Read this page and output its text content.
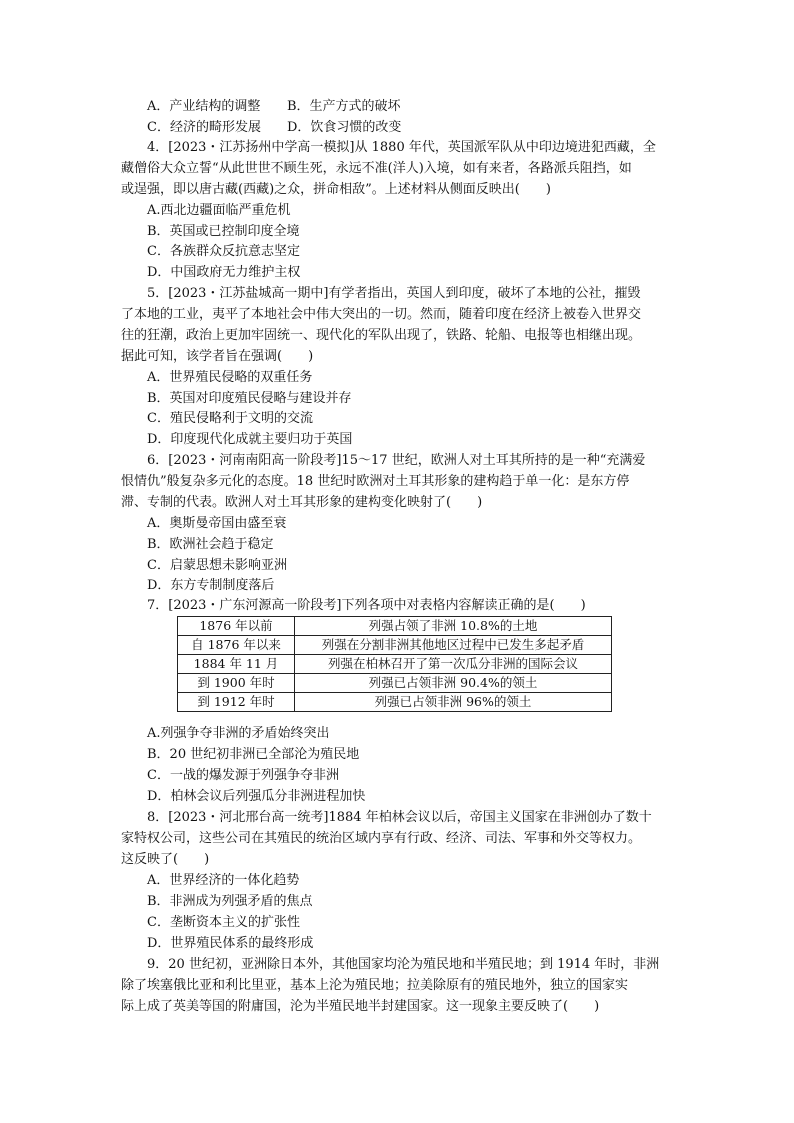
A．产业结构的调整 B．生产方式的破坏
C．经济的畸形发展 D．饮食习惯的改变
4．[2023・江苏扬州中学高一模拟]从 1880 年代，英国派军队从中印边境进犯西藏，全
藏僧俗大众立誓“从此世世不顾生死，永远不准(洋人)入境，如有来者，各路派兵阻挡，如
或逞强，即以唐古藏(西藏)之众，拼命相敌”。上述材料从侧面反映出(　　)
A.西北边疆面临严重危机
B．英国或已控制印度全境
C．各族群众反抗意志坚定
D．中国政府无力维护主权
5．[2023・江苏盐城高一期中]有学者指出，英国人到印度，破坏了本地的公社，摧毁
了本地的工业，夷平了本地社会中伟大突出的一切。然而，随着印度在经济上被卷入世界交
往的狂潮，政治上更加牢固统一、现代化的军队出现了，铁路、轮船、电报等也相继出现。
据此可知，该学者旨在强调(　　)
A．世界殖民侵略的双重任务
B．英国对印度殖民侵略与建设并存
C．殖民侵略利于文明的交流
D．印度现代化成就主要归功于英国
6．[2023・河南南阳高一阶段考]15～17 世纪，欧洲人对土耳其所持的是一种“充满爱
恨情仇”般复杂多元化的态度。18 世纪时欧洲对土耳其形象的建构趋于单一化：是东方停
滞、专制的代表。欧洲人对土耳其形象的建构变化映射了(　　)
A．奥斯曼帝国由盛至衰
B．欧洲社会趋于稳定
C．启蒙思想未影响亚洲
D．东方专制制度落后
7．[2023・广东河源高一阶段考]下列各项中对表格内容解读正确的是(　　)
1876 年以前	列强占领了非洲 10.8%的土地
自 1876 年以来	列强在分割非洲其他地区过程中已发生多起矛盾
1884 年 11 月	列强在柏林召开了第一次瓜分非洲的国际会议
到 1900 年时	列强已占领非洲 90.4%的领土
到 1912 年时	列强已占领非洲 96%的领土
A.列强争夺非洲的矛盾始终突出
B．20 世纪初非洲已全部沦为殖民地
C．一战的爆发源于列强争夺非洲
D．柏林会议后列强瓜分非洲进程加快
8．[2023・河北邢台高一统考]1884 年柏林会议以后，帝国主义国家在非洲创办了数十
家特权公司，这些公司在其殖民的统治区域内享有行政、经济、司法、军事和外交等权力。
这反映了(　　)
A．世界经济的一体化趋势
B．非洲成为列强矛盾的焦点
C．垄断资本主义的扩张性
D．世界殖民体系的最终形成
9．20 世纪初，亚洲除日本外，其他国家均沦为殖民地和半殖民地；到 1914 年时，非洲
除了埃塞俄比亚和利比里亚，基本上沦为殖民地；拉美除原有的殖民地外，独立的国家实
际上成了英美等国的附庸国，沦为半殖民地半封建国家。这一现象主要反映了(　　)
